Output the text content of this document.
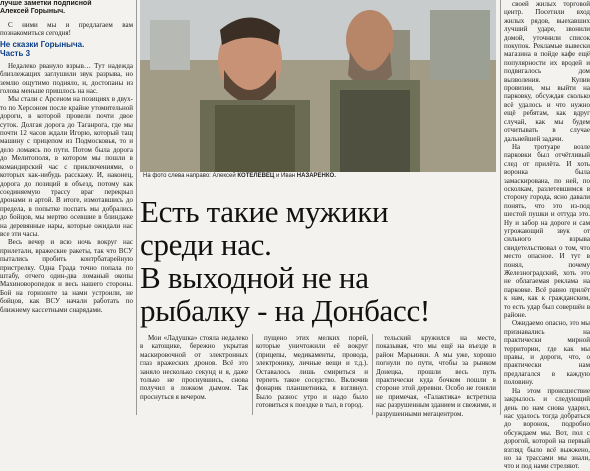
лучше заметки подписной
Алексей Горыныч.

С ними мы и предлагаем вам познакомиться сегодня!

Не сказки Горыныча.
Часть 3

Недалеко рвануло взрыв… Тут надежда близлежащих заглушили звук разрыва, но землю ощутимо подняло, и, достопаны из голова меньше пришлось на нас.

Мы стали с Арсеном на позициях в двух-то по Херсоном после крайне утомительной дороги, в которой провели почти двое суток. Долгая дорога до Таганрога, где мы почти 12 часов ждали Игорю, который тащ машину с прицепом из Подмосковья, то и дело ломаясь по пути. Потом была дорога до Мелитополя, в котором мы пошли в командирский час с приключениями, о которых как-нибудь расскажу. И, наконец, дорога до позиций в объезд, потому как соединяемую трассу враг перекрыл дронами и артой. В итоге, измотавшись до предела, в попытке поспать мы добрались до бойцов, мы мертво осевшие в блиндаже на деревянные нары, которые ожидали нас все эти часы.

Весь вечер и всю ночь вокруг нас прилетали, вражеские ракеты, так что ВСУ пытались пробить контрбатарейную пристрелку. Одна Града точно попала по штабу, отчего один-два ломаный окопы Махиноворопедок и весь нашего стороны. Бой на горизонте за нами устроили, не бойцов, как ВСУ начали работать по ближнему кассетными снарядами.

На фото слева направо: Алексей КОТЕЛЕВЕЦ и Иван НАЗАРЕНКО.

своей жилых торговой центр. Посетили вход жилых рядов, выехавших лучший ударе, звонили домой, уточнили список покупок. Рекламые вывески магазина в пойде кафе ещё популярности их вродей и подвигалось дом вызволения. Купив провизии, мы выйти на парковку, обсуждая сколько всё удалось и что нужно ещё ребятам, как вдруг случай, как мы будем отчитывать в случае дальнейшей задачи.

На тротуаре возле парковки был отчётливый след от прилёта. И хоть воронка была замаскирована, по ней, по осколкам, разлетевшимся в сторону города, ясно давали понять, что это из-под шестой пушки и оттуда это. Ну и забор на дороге и сам угрожающий звук от сильного взрыва свидетельствовал о том, что место опасное. И тут в понял, почему Железноградский, хоть это не облагаемая реклама на парковке. Всё равно прилёт к нам, как к гражданским, то есть удар был совершён в районе.

Ожидаемо опасно, это мы признавались на практически мирной территории, где как мы правы, и дороги, что, о практически нам предлагался в каждую половину.

На этом происшествие закрылось и следующий день по нам снова ударил, нас удалось тогда добраться до воронок, подробно обсуждаем мы. Вот, пол с дорогой, которой на первый взгляд было всё выжжено, но за трассами мы знали, что и под нами стреляют.

Есть такие мужики
среди нас.
В выходной не на
рыбалку - на Донбасс!

Мои «Ладушка» стояла недалеко в катощике, бережно укрытая маскировочной от электронных глаз вражеских дронов. Всё это заняло несколько секунд и я, даже только не проснувшись, снова получил в ложком дымом. Так проснуться я вечером.

пущено этих мелких порей, которые уничтожили её вокруг (прицепы, медикаменты, провода, электронику, личные вещи и т.д.). Оставалось лишь смириться и терпеть такое соседство. Включив фонарик планшетника, я взглянул. Было разнос утро и надо было готовиться к поездке в тыл, в город.

тельский кружился на месте, показывая, что мы ещё на въезде в район Марьинки. А мы уже, хорошо погнули по пути, чтобы за рынком Донецка, прошли весь путь практически куда бочком пошли в стороне этой деревни. Особо не гоняли не примечая, «Галактика» встретила нас разрушенным зданием и свежими, и разрушенными мегацентром.
